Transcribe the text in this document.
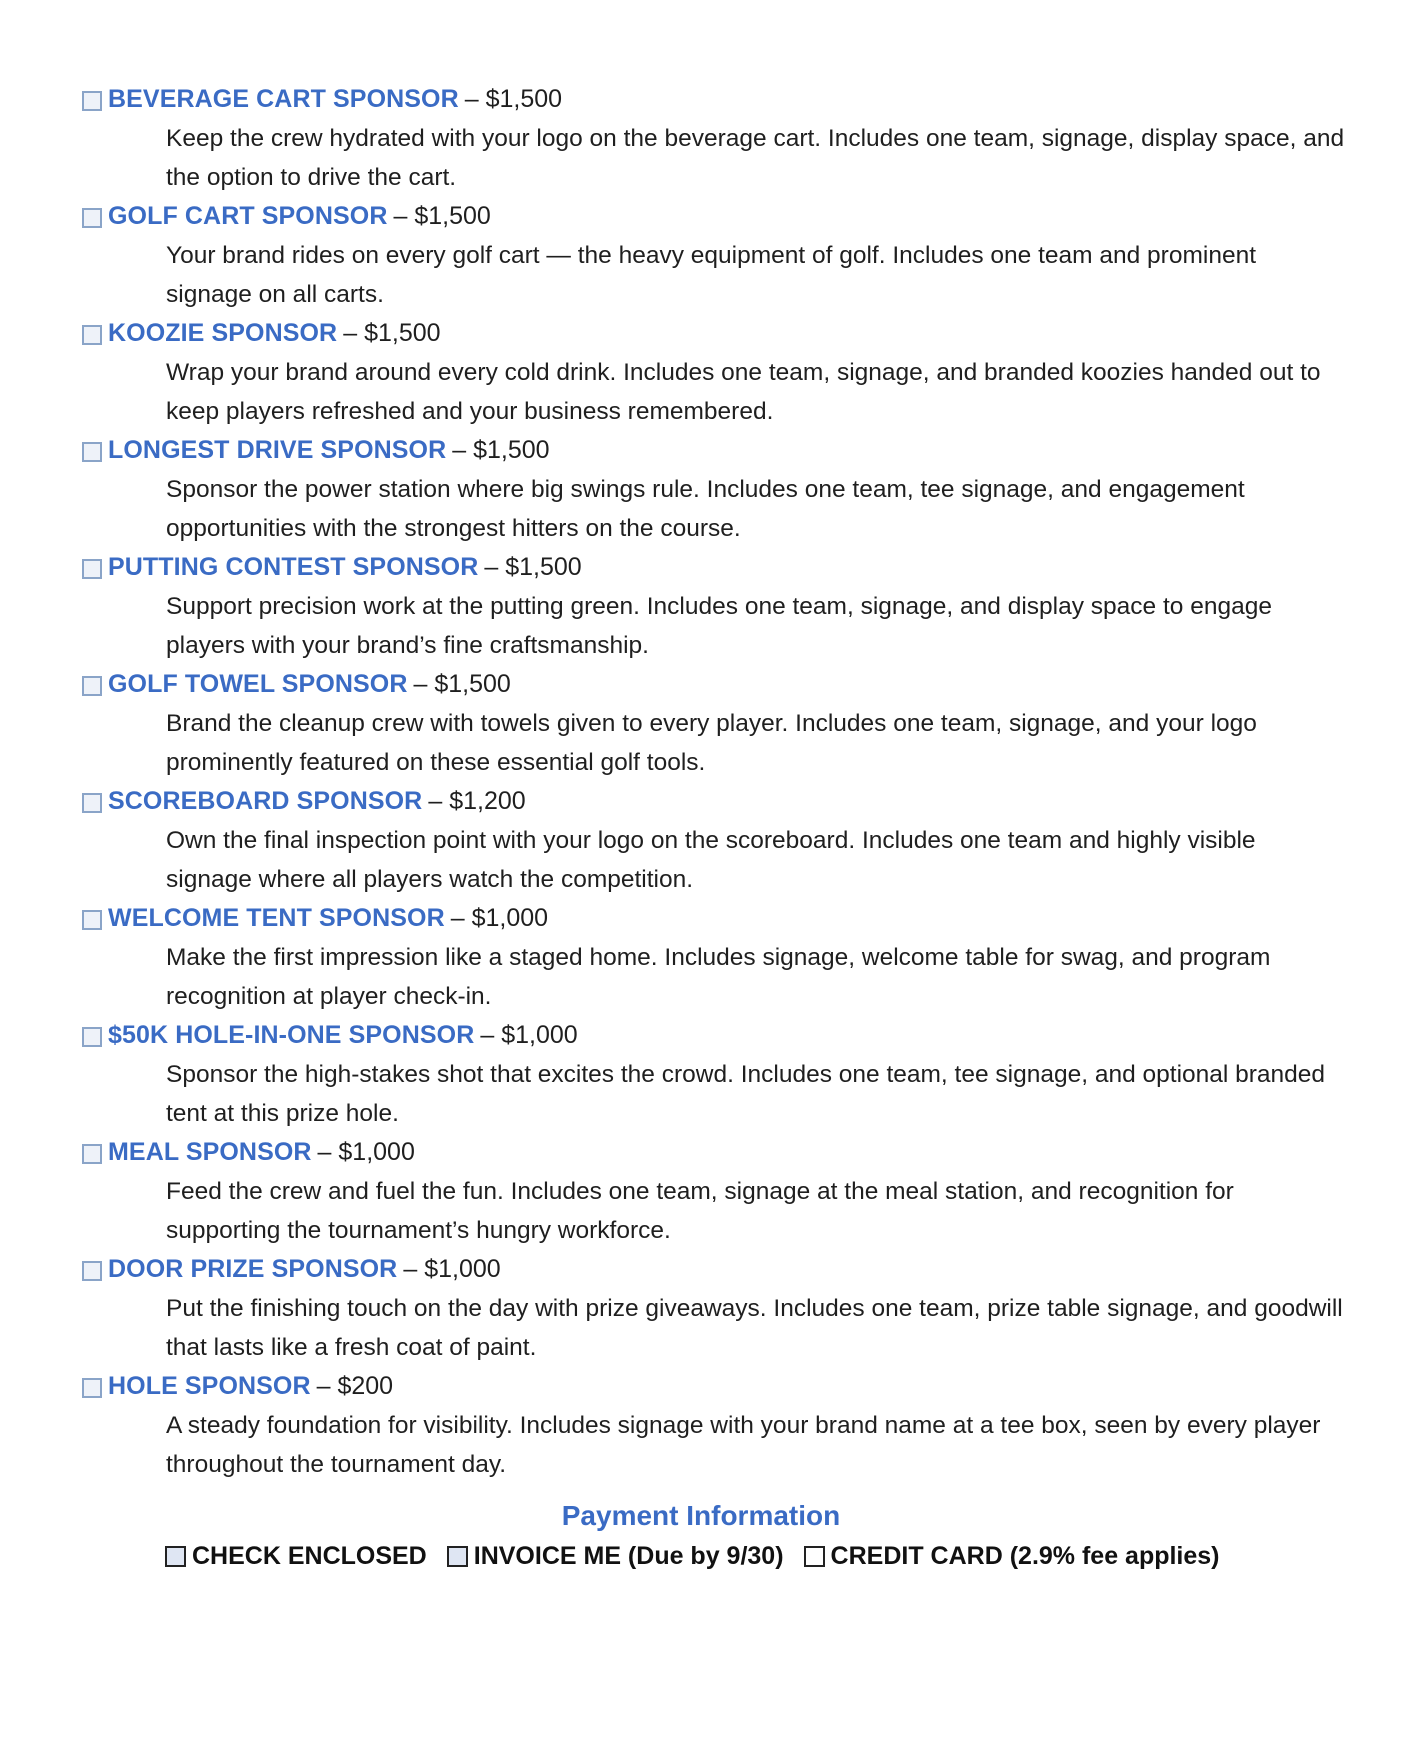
BEVERAGE CART SPONSOR – $1,500
Keep the crew hydrated with your logo on the beverage cart. Includes one team, signage, display space, and the option to drive the cart.
GOLF CART SPONSOR – $1,500
Your brand rides on every golf cart — the heavy equipment of golf. Includes one team and prominent signage on all carts.
KOOZIE SPONSOR – $1,500
Wrap your brand around every cold drink. Includes one team, signage, and branded koozies handed out to keep players refreshed and your business remembered.
LONGEST DRIVE SPONSOR – $1,500
Sponsor the power station where big swings rule. Includes one team, tee signage, and engagement opportunities with the strongest hitters on the course.
PUTTING CONTEST SPONSOR – $1,500
Support precision work at the putting green. Includes one team, signage, and display space to engage players with your brand’s fine craftsmanship.
GOLF TOWEL SPONSOR – $1,500
Brand the cleanup crew with towels given to every player. Includes one team, signage, and your logo prominently featured on these essential golf tools.
SCOREBOARD SPONSOR – $1,200
Own the final inspection point with your logo on the scoreboard. Includes one team and highly visible signage where all players watch the competition.
WELCOME TENT SPONSOR – $1,000
Make the first impression like a staged home. Includes signage, welcome table for swag, and program recognition at player check-in.
$50K HOLE-IN-ONE SPONSOR – $1,000
Sponsor the high-stakes shot that excites the crowd. Includes one team, tee signage, and optional branded tent at this prize hole.
MEAL SPONSOR – $1,000
Feed the crew and fuel the fun. Includes one team, signage at the meal station, and recognition for supporting the tournament’s hungry workforce.
DOOR PRIZE SPONSOR – $1,000
Put the finishing touch on the day with prize giveaways. Includes one team, prize table signage, and goodwill that lasts like a fresh coat of paint.
HOLE SPONSOR – $200
A steady foundation for visibility. Includes signage with your brand name at a tee box, seen by every player throughout the tournament day.
Payment Information
CHECK ENCLOSED INVOICE ME (Due by 9/30) CREDIT CARD (2.9% fee applies)
